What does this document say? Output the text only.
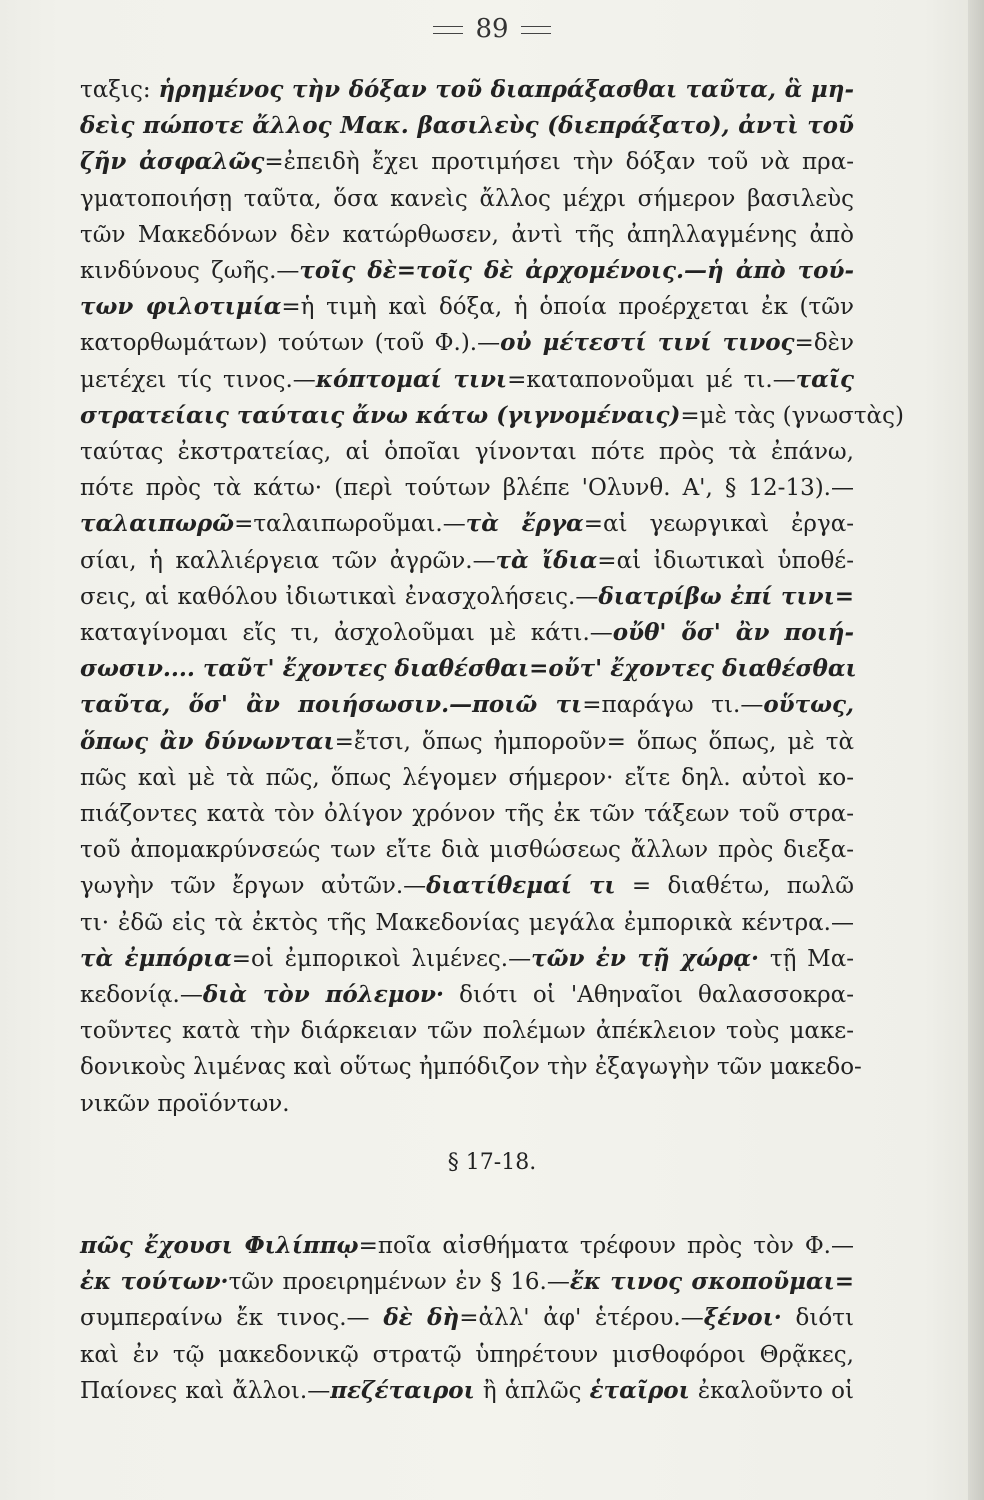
89
ταξις: ἡρημένος τὴν δόξαν τοῦ διαπράξασθαι ταῦτα, ἃ μη-
δεὶς πώποτε ἄλλος Μακ. βασιλεὺς (διεπράξατο), ἀντὶ τοῦ
ζῆν ἀσφαλῶς=ἐπειδὴ ἔχει προτιμήσει τὴν δόξαν τοῦ νὰ πρα-
γματοποιήσῃ ταῦτα, ὅσα κανεὶς ἄλλος μέχρι σήμερον βασιλεὺς
τῶν Μακεδόνων δὲν κατώρθωσεν, ἀντὶ τῆς ἀπηλλαγμένης ἀπὸ
κινδύνους ζωῆς.—τοῖς δὲ=τοῖς δὲ ἀρχομένοις.—ἡ ἀπὸ τού-
των φιλοτιμία=ἡ τιμὴ καὶ δόξα, ἡ ὁποία προέρχεται ἐκ (τῶν
κατορθωμάτων) τούτων (τοῦ Φ.).—οὐ μέτεστί τινί τινος=δὲν
μετέχει τίς τινος.—κόπτομαί τινι=καταπονοῦμαι μέ τι.—ταῖς
στρατείαις ταύταις ἄνω κάτω (γιγνομέναις)=μὲ τὰς (γνωστὰς)
ταύτας ἐκστρατείας, αἱ ὁποῖαι γίνονται πότε πρὸς τὰ ἐπάνω,
πότε πρὸς τὰ κάτω· (περὶ τούτων βλέπε 'Ολυνθ. Α', § 12-13).—
ταλαιπωρῶ=ταλαιπωροῦμαι.—τὰ ἔργα=αἱ γεωργικαὶ ἐργα-
σίαι, ἡ καλλιέργεια τῶν ἀγρῶν.—τὰ ἴδια=αἱ ἰδιωτικαὶ ὑποθέ-
σεις, αἱ καθόλου ἰδιωτικαὶ ἐνασχολήσεις.—διατρίβω ἐπί τινι=
καταγίνομαι εἴς τι, ἀσχολοῦμαι μὲ κάτι.—οὔθ' ὅσ' ἂν ποιή-
σωσιν.... ταῦτ' ἔχοντες διαθέσθαι=οὔτ' ἔχοντες διαθέσθαι
ταῦτα, ὅσ' ἂν ποιήσωσιν.—ποιῶ τι=παράγω τι.—οὕτως,
ὅπως ἂν δύνωνται=ἔτσι, ὅπως ἠμποροῦν= ὅπως ὅπως, μὲ τὰ
πῶς καὶ μὲ τὰ πῶς, ὅπως λέγομεν σήμερον· εἴτε δηλ. αὐτοὶ κο-
πιάζοντες κατὰ τὸν ὀλίγον χρόνον τῆς ἐκ τῶν τάξεων τοῦ στρα-
τοῦ ἀπομακρύνσεώς των εἴτε διὰ μισθώσεως ἄλλων πρὸς διεξα-
γωγὴν τῶν ἔργων αὐτῶν.—διατίθεμαί τι = διαθέτω, πωλῶ
τι· ἐδῶ εἰς τὰ ἐκτὸς τῆς Μακεδονίας μεγάλα ἐμπορικὰ κέντρα.—
τὰ ἐμπόρια=οἱ ἐμπορικοὶ λιμένες.—τῶν ἐν τῇ χώρᾳ· τῇ Μα-
κεδονίᾳ.—διὰ τὸν πόλεμον· διότι οἱ 'Αθηναῖοι θαλασσοκρα-
τοῦντες κατὰ τὴν διάρκειαν τῶν πολέμων ἀπέκλειον τοὺς μακε-
δονικοὺς λιμένας καὶ οὕτως ἠμπόδιζον τὴν ἐξαγωγὴν τῶν μακεδο-
νικῶν προϊόντων.
§ 17-18.
πῶς ἔχουσι Φιλίππῳ=ποῖα αἰσθήματα τρέφουν πρὸς τὸν Φ.—
ἐκ τούτων·τῶν προειρημένων ἐν § 16.—ἔκ τινος σκοποῦμαι=
συμπεραίνω ἔκ τινος.— δὲ δὴ=ἀλλ' ἀφ' ἑτέρου.—ξένοι· διότι
καὶ ἐν τῷ μακεδονικῷ στρατῷ ὑπηρέτουν μισθοφόροι Θρᾷκες,
Παίονες καὶ ἄλλοι.—πεζέταιροι ἢ ἁπλῶς ἑταῖροι ἐκαλοῦντο οἱ
